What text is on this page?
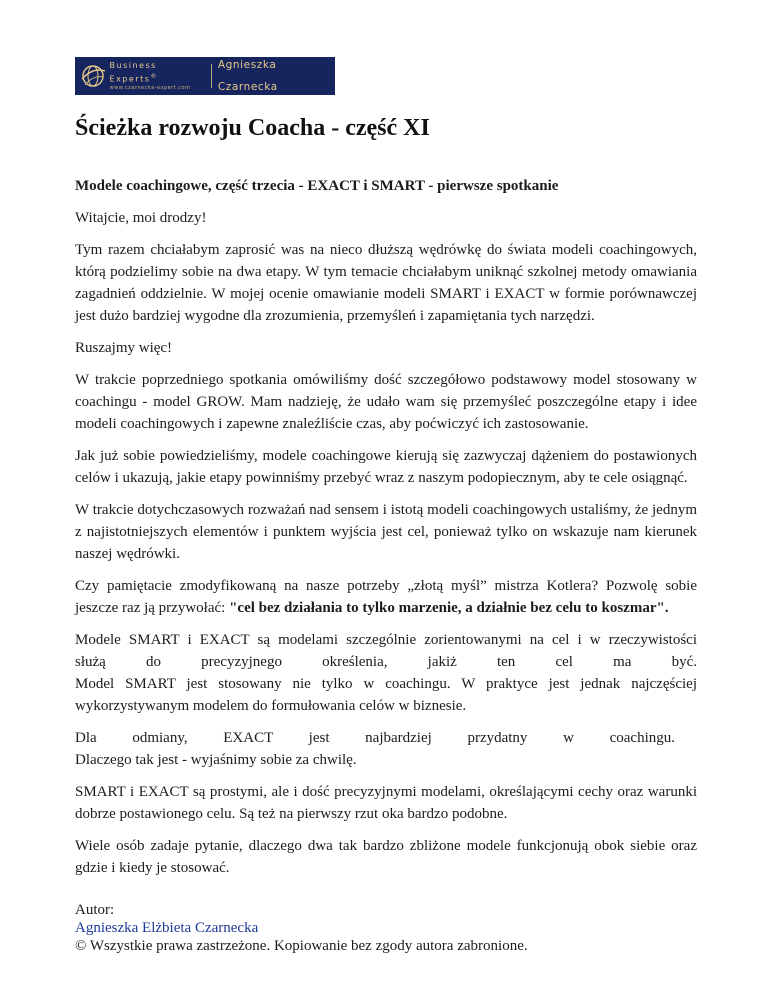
Business Experts®
www.czarnecka-expert.com
Agnieszka Czarnecka
Ścieżka rozwoju Coacha - część XI

Modele coachingowe, część trzecia - EXACT i SMART - pierwsze spotkanie

Witajcie, moi drodzy!

Tym razem chciałabym zaprosić was na nieco dłuższą wędrówkę do świata modeli coachingowych, którą podzielimy sobie na dwa etapy. W tym temacie chciałabym uniknąć szkolnej metody omawiania zagadnień oddzielnie. W mojej ocenie omawianie modeli SMART i EXACT w formie porównawczej jest dużo bardziej wygodne dla zrozumienia, przemyśleń i zapamiętania tych narzędzi.

Ruszajmy więc!

W trakcie poprzedniego spotkania omówiliśmy dość szczegółowo podstawowy model stosowany w coachingu - model GROW. Mam nadzieję, że udało wam się przemyśleć poszczególne etapy i idee modeli coachingowych i zapewne znaleźliście czas, aby poćwiczyć ich zastosowanie.

Jak już sobie powiedzieliśmy, modele coachingowe kierują się zazwyczaj dążeniem do postawionych celów i ukazują, jakie etapy powinniśmy przebyć wraz z naszym podopiecznym, aby te cele osiągnąć.

W trakcie dotychczasowych rozważań nad sensem i istotą modeli coachingowych ustaliśmy, że jednym z najistotniejszych elementów i punktem wyjścia jest cel, ponieważ tylko on wskazuje nam kierunek naszej wędrówki.

Czy pamiętacie zmodyfikowaną na nasze potrzeby „złotą myśl” mistrza Kotlera? Pozwolę sobie jeszcze raz ją przywołać: "cel bez działania to tylko marzenie, a działnie bez celu to koszmar".

Modele SMART i EXACT są modelami szczególnie zorientowanymi na cel i w rzeczywistości
służą do precyzyjnego określenia, jakiż ten cel ma być.
Model SMART jest stosowany nie tylko w coachingu. W praktyce jest jednak najczęściej
wykorzystywanym modelem do formułowania celów w biznesie.

Dla odmiany, EXACT jest najbardziej przydatny w coachingu.
Dlaczego tak jest - wyjaśnimy sobie za chwilę.

SMART i EXACT są prostymi, ale i dość precyzyjnymi modelami, określającymi cechy oraz warunki dobrze postawionego celu. Są też na pierwszy rzut oka bardzo podobne.

Wiele osób zadaje pytanie, dlaczego dwa tak bardzo zbliżone modele funkcjonują obok siebie oraz gdzie i kiedy je stosować.

Autor:
Agnieszka Elżbieta Czarnecka
© Wszystkie prawa zastrzeżone. Kopiowanie bez zgody autora zabronione.
